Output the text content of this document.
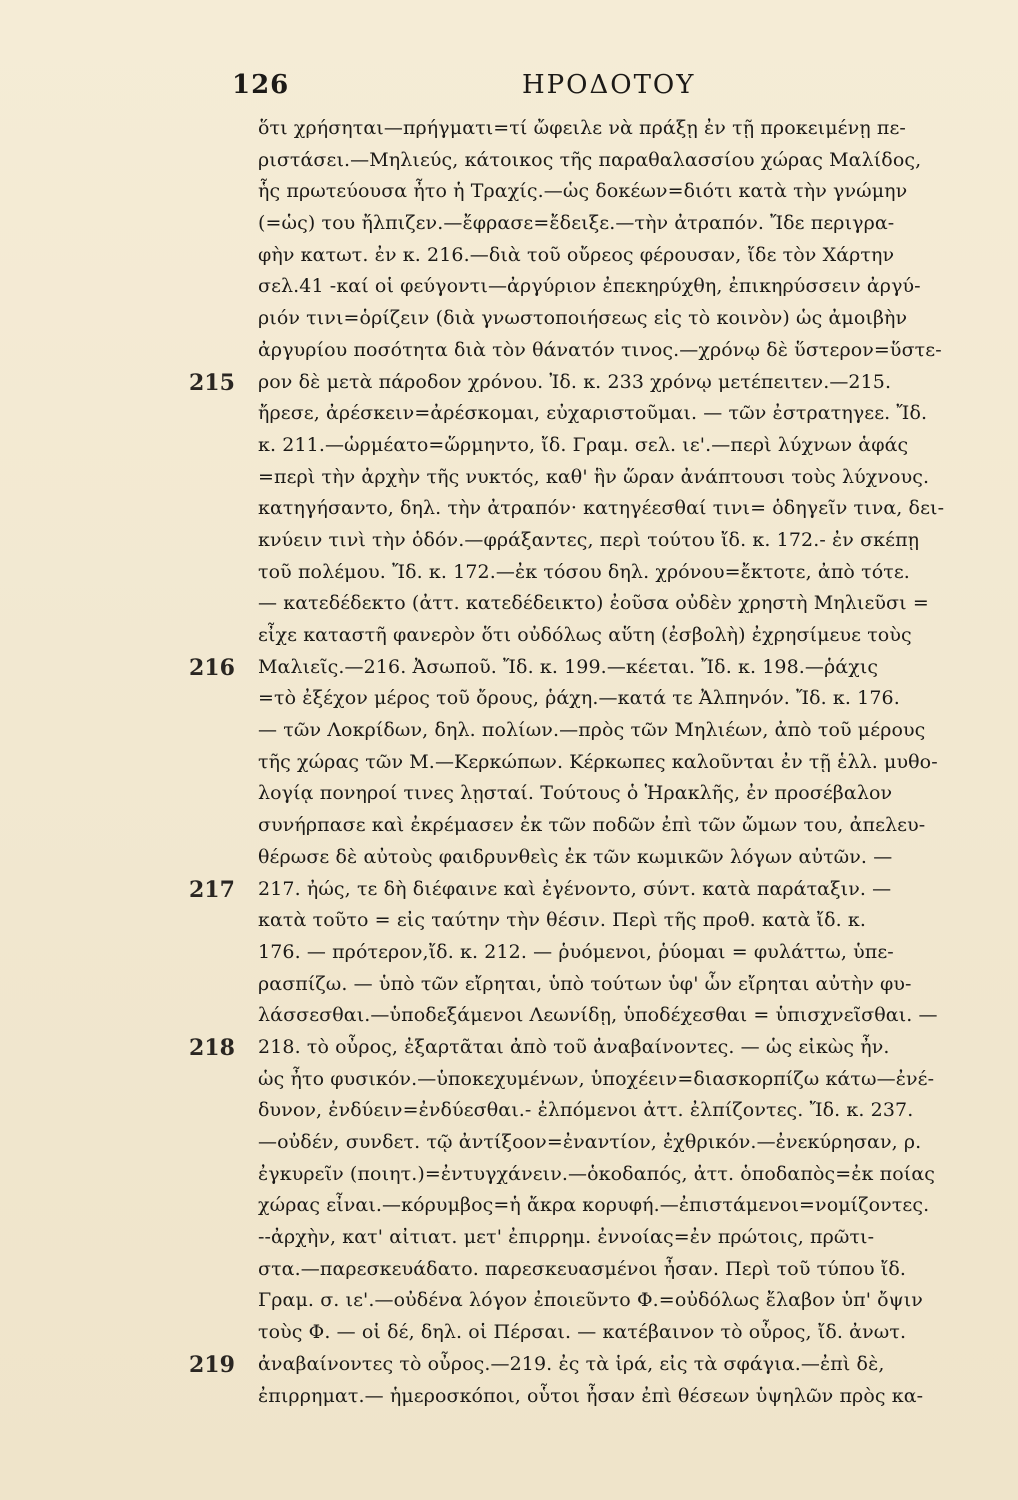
126	ΗΡΟΔΟΤΟΥ
ὅτι χρήσηται—πρήγματι=τί ὤφειλε νὰ πράξῃ ἐν τῇ προκειμένῃ πε-
ριστάσει.—Μηλιεύς, κάτοικος τῆς παραθαλασσίου χώρας Μαλίδος,
ἧς πρωτεύουσα ἦτο ἡ Τραχίς.—ὡς δοκέων=διότι κατὰ τὴν γνώμην
(=ὡς) του ἤλπιζεν.—ἔφρασε=ἔδειξε.—τὴν ἀτραπόν. Ἴδε περιγρα-
φὴν κατωτ. ἐν κ. 216.—διὰ τοῦ οὔρεος φέρουσαν, ἴδε τὸν Χάρτην
σελ.41 -καί οἱ φεύγοντι—ἀργύριον ἐπεκηρύχθη, ἐπικηρύσσειν ἀργύ-
ριόν τινι=ὁρίζειν (διὰ γνωστοποιήσεως εἰς τὸ κοινὸν) ὡς ἀμοιβὴν
ἀργυρίου ποσότητα διὰ τὸν θάνατόν τινος.—χρόνῳ δὲ ὕστερον=ὕστε-
215 ρον δὲ μετὰ πάροδον χρόνου. Ἰδ. κ. 233 χρόνῳ μετέπειτεν.—215.
ἤρεσε, ἀρέσκειν=ἀρέσκομαι, εὐχαριστοῦμαι. — τῶν ἐστρατηγεε. Ἴδ.
κ. 211.—ὡρμέατο=ὥρμηντο, ἴδ. Γραμ. σελ. ιε'.—περὶ λύχνων ἁφάς
=περὶ τὴν ἀρχὴν τῆς νυκτός, καθ' ἣν ὥραν ἀνάπτουσι τοὺς λύχνους.
κατηγήσαντο, δηλ. τὴν ἀτραπόν· κατηγέεσθαί τινι= ὁδηγεῖν τινα, δει-
κνύειν τινὶ τὴν ὁδόν.—φράξαντες, περὶ τούτου ἴδ. κ. 172.- ἐν σκέπῃ
τοῦ πολέμου. Ἴδ. κ. 172.—ἐκ τόσου δηλ. χρόνου=ἔκτοτε, ἀπὸ τότε.
— κατεδέδεκτο (ἀττ. κατεδέδεικτο) ἐοῦσα οὐδὲν χρηστὴ Μηλιεῦσι =
εἶχε καταστῆ φανερὸν ὅτι οὐδόλως αὕτη (ἐσβολὴ) ἐχρησίμευε τοὺς
216 Μαλιεῖς.—216. Ἀσωποῦ. Ἴδ. κ. 199.—κέεται. Ἴδ. κ. 198.—ῥάχις
=τὸ ἐξέχον μέρος τοῦ ὄρους, ῥάχη.—κατά τε Ἀλπηνόν. Ἴδ. κ. 176.
— τῶν Λοκρίδων, δηλ. πολίων.—πρὸς τῶν Μηλιέων, ἀπὸ τοῦ μέρους
τῆς χώρας τῶν Μ.—Κερκώπων. Κέρκωπες καλοῦνται ἐν τῇ ἑλλ. μυθο-
λογίᾳ πονηροί τινες λῃσταί. Τούτους ὁ Ἡρακλῆς, ἐν προσέβαλον
συνήρπασε καὶ ἐκρέμασεν ἐκ τῶν ποδῶν ἐπὶ τῶν ὤμων του, ἀπελευ-
θέρωσε δὲ αὐτοὺς φαιδρυνθεὶς ἐκ τῶν κωμικῶν λόγων αὐτῶν. —
217 217. ἠώς, τε δὴ διέφαινε καὶ ἐγένοντο, σύντ. κατὰ παράταξιν. —
κατὰ τοῦτο = εἰς ταύτην τὴν θέσιν. Περὶ τῆς προθ. κατὰ ἴδ. κ.
176. — πρότερον,ἴδ. κ. 212. — ῥυόμενοι, ῥύομαι = φυλάττω, ὑπε-
ρασπίζω. — ὑπὸ τῶν εἴρηται, ὑπὸ τούτων ὑφ' ὧν εἴρηται αὐτὴν φυ-
λάσσεσθαι.—ὑποδεξάμενοι Λεωνίδῃ, ὑποδέχεσθαι = ὑπισχνεῖσθαι. —
218 218. τὸ οὖρος, ἐξαρτᾶται ἀπὸ τοῦ ἀναβαίνοντες. — ὡς εἰκὼς ἦν.
ὡς ἦτο φυσικόν.—ὑποκεχυμένων, ὑποχέειν=διασκορπίζω κάτω—ἐνέ-
δυνον, ἐνδύειν=ἐνδύεσθαι.- ἐλπόμενοι ἀττ. ἐλπίζοντες. Ἴδ. κ. 237.
—οὐδέν, συνδετ. τῷ ἀντίξοον=ἐναντίον, ἐχθρικόν.—ἐνεκύρησαν, ρ.
ἐγκυρεῖν (ποιητ.)=ἐντυγχάνειν.—ὁκοδαπός, ἀττ. ὁποδαπὸς=ἐκ ποίας
χώρας εἶναι.—κόρυμβος=ἡ ἄκρα κορυφή.—ἐπιστάμενοι=νομίζοντες.
--ἀρχὴν, κατ' αἰτιατ. μετ' ἐπιρρημ. ἐννοίας=ἐν πρώτοις, πρῶτι-
στα.—παρεσκευάδατο. παρεσκευασμένοι ἦσαν. Περὶ τοῦ τύπου ἴδ.
Γραμ. σ. ιε'.—οὐδένα λόγον ἐποιεῦντο Φ.=οὐδόλως ἔλαβον ὑπ' ὄψιν
τοὺς Φ. — οἱ δέ, δηλ. οἱ Πέρσαι. — κατέβαινον τὸ οὖρος, ἴδ. ἀνωτ.
219 ἀναβαίνοντες τὸ οὖρος.—219. ἐς τὰ ἱρά, εἰς τὰ σφάγια.—ἐπὶ δὲ,
ἐπιρρηματ.— ἡμεροσκόποι, οὗτοι ἦσαν ἐπὶ θέσεων ὑψηλῶν πρὸς κα-
